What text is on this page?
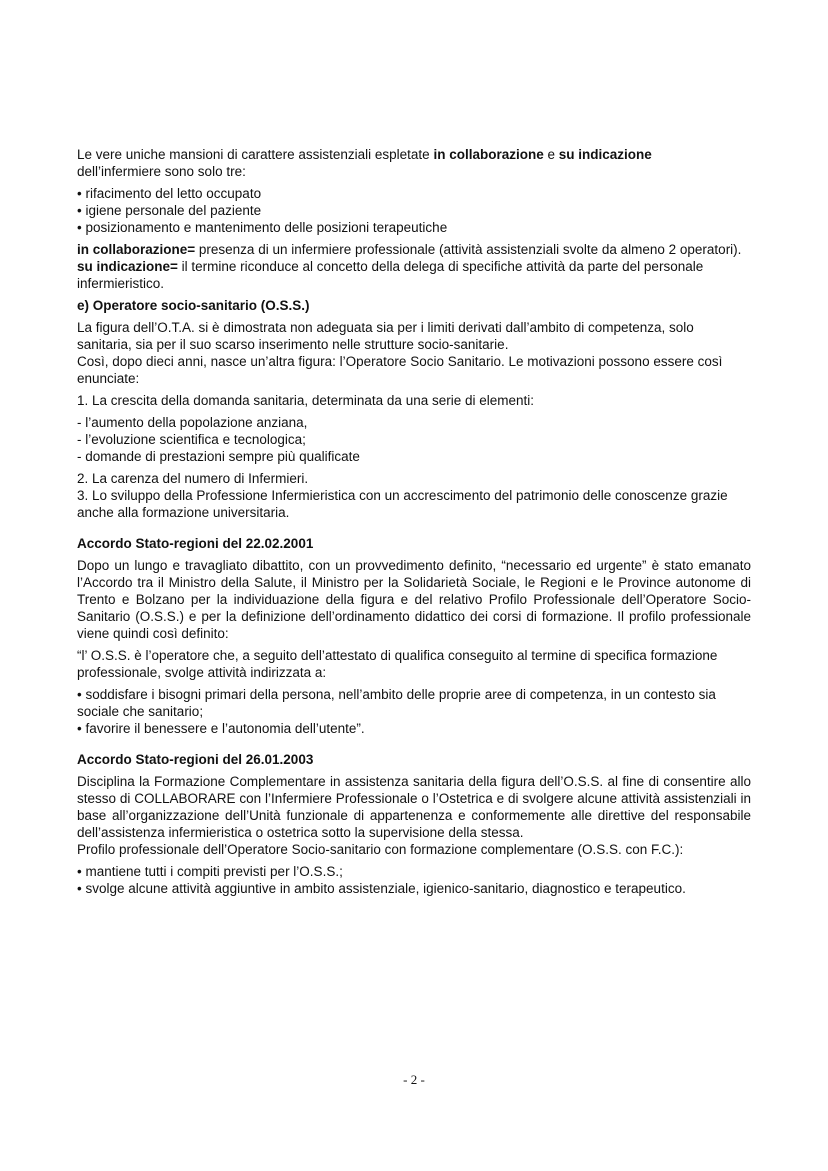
Le vere uniche mansioni di carattere assistenziali espletate in collaborazione e su indicazione

dell’infermiere sono solo tre:

• rifacimento del letto occupato

• igiene personale del paziente

• posizionamento e mantenimento delle posizioni terapeutiche

in collaborazione= presenza di un infermiere professionale (attività assistenziali svolte da almeno 2 operatori).

su indicazione= il termine riconduce al concetto della delega di specifiche attività da parte del personale infermieristico.

e) Operatore socio-sanitario (O.S.S.)

La figura dell’O.T.A. si è dimostrata non adeguata sia per i limiti derivati dall’ambito di competenza, solo sanitaria, sia per il suo scarso inserimento nelle strutture socio-sanitarie.

Così, dopo dieci anni, nasce un’altra figura: l’Operatore Socio Sanitario. Le motivazioni possono essere così enunciate:

1. La crescita della domanda sanitaria, determinata da una serie di elementi:

- l’aumento della popolazione anziana,

- l’evoluzione scientifica e tecnologica;

- domande di prestazioni sempre più qualificate

2. La carenza del numero di Infermieri.

3. Lo sviluppo della Professione Infermieristica con un accrescimento del patrimonio delle conoscenze grazie anche alla formazione universitaria.

Accordo Stato-regioni del 22.02.2001

Dopo un lungo e travagliato dibattito, con un provvedimento definito, “necessario ed urgente” è stato emanato l’Accordo tra il Ministro della Salute, il Ministro per la Solidarietà Sociale, le Regioni e le Province autonome di Trento e Bolzano per la individuazione della figura e del relativo Profilo Professionale dell’Operatore Socio-Sanitario (O.S.S.) e per la definizione dell’ordinamento didattico dei corsi di formazione. Il profilo professionale viene quindi così definito:

“l’ O.S.S. è l’operatore che, a seguito dell’attestato di qualifica conseguito al termine di specifica formazione professionale, svolge attività indirizzata a:

• soddisfare i bisogni primari della persona, nell’ambito delle proprie aree di competenza, in un contesto sia sociale che sanitario;

• favorire il benessere e l’autonomia dell’utente”.

Accordo Stato-regioni del 26.01.2003

Disciplina la Formazione Complementare in assistenza sanitaria della figura dell’O.S.S. al fine di consentire allo stesso di COLLABORARE con l’Infermiere Professionale o l’Ostetrica e di svolgere alcune attività assistenziali in base all’organizzazione dell’Unità funzionale di appartenenza e conformemente alle direttive del responsabile dell’assistenza infermieristica o ostetrica sotto la supervisione della stessa.

Profilo professionale dell’Operatore Socio-sanitario con formazione complementare (O.S.S. con F.C.):

• mantiene tutti i compiti previsti per l’O.S.S.;

• svolge alcune attività aggiuntive in ambito assistenziale, igienico-sanitario, diagnostico e terapeutico.

- 2 -
